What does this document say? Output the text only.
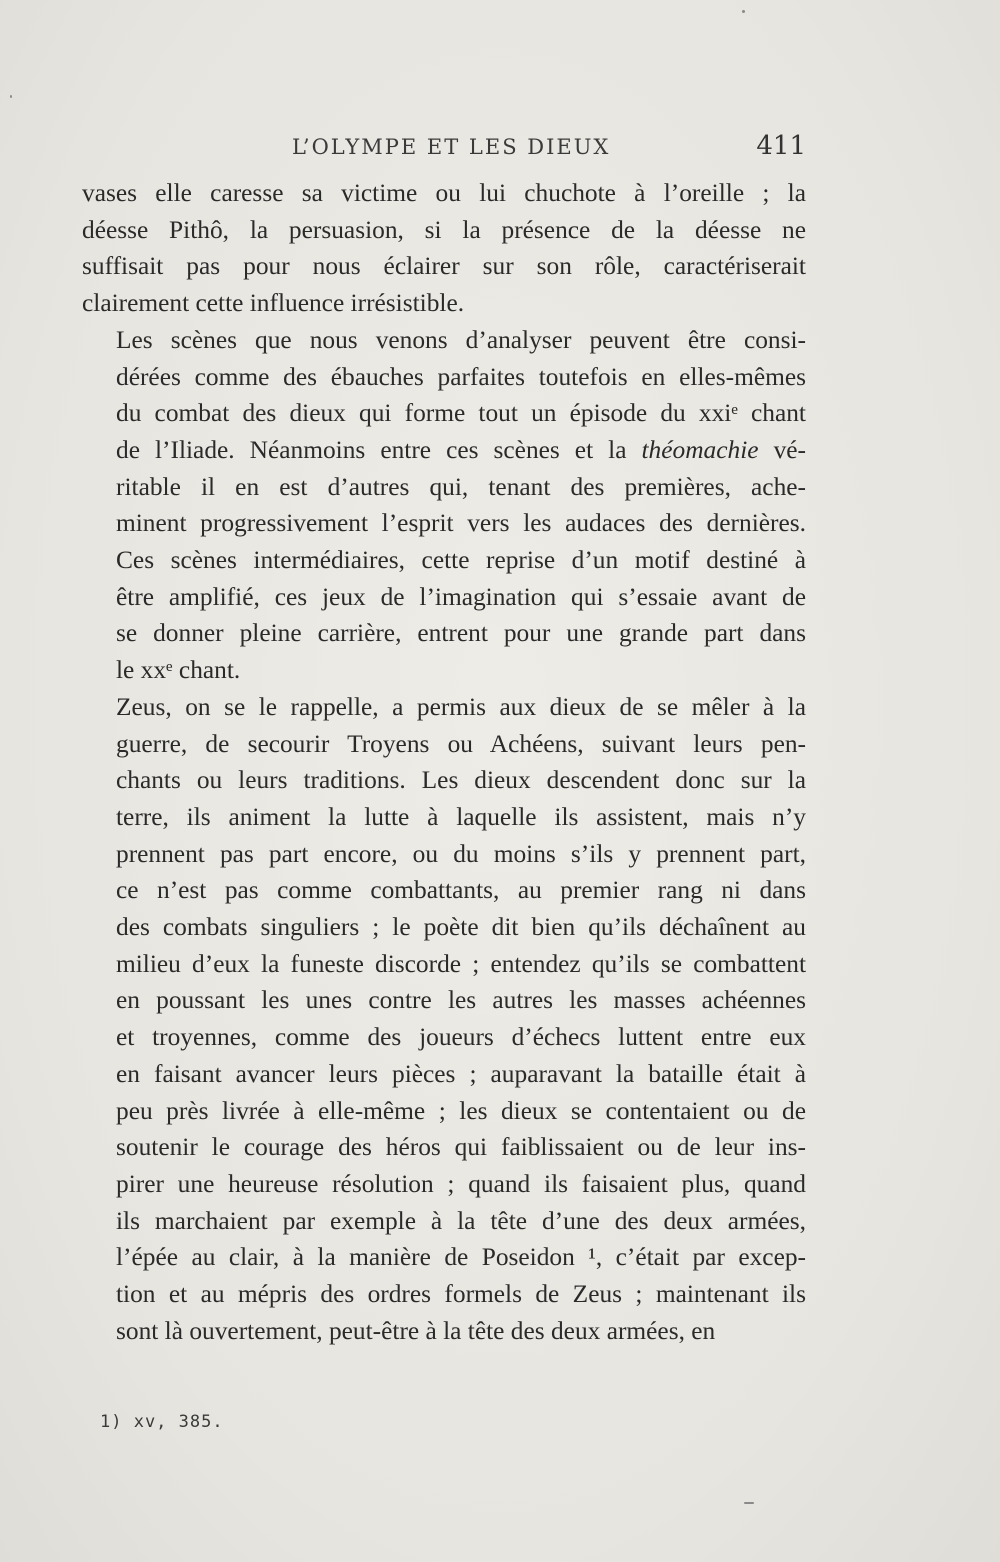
L’OLYMPE ET LES DIEUX	411
vases elle caresse sa victime ou lui chuchote à l’oreille ; la
déesse Pithô, la persuasion, si la présence de la déesse ne
suffisait pas pour nous éclairer sur son rôle, caractériserait
clairement cette influence irrésistible.
Les scènes que nous venons d’analyser peuvent être consi-
dérées comme des ébauches parfaites toutefois en elles-mêmes
du combat des dieux qui forme tout un épisode du xxiᵉ chant
de l’Iliade. Néanmoins entre ces scènes et la théomachie vé-
ritable il en est d’autres qui, tenant des premières, ache-
minent progressivement l’esprit vers les audaces des dernières.
Ces scènes intermédiaires, cette reprise d’un motif destiné à
être amplifié, ces jeux de l’imagination qui s’essaie avant de
se donner pleine carrière, entrent pour une grande part dans
le xxᵉ chant.
Zeus, on se le rappelle, a permis aux dieux de se mêler à la
guerre, de secourir Troyens ou Achéens, suivant leurs pen-
chants ou leurs traditions. Les dieux descendent donc sur la
terre, ils animent la lutte à laquelle ils assistent, mais n’y
prennent pas part encore, ou du moins s’ils y prennent part,
ce n’est pas comme combattants, au premier rang ni dans
des combats singuliers ; le poète dit bien qu’ils déchaînent au
milieu d’eux la funeste discorde ; entendez qu’ils se combattent
en poussant les unes contre les autres les masses achéennes
et troyennes, comme des joueurs d’échecs luttent entre eux
en faisant avancer leurs pièces ; auparavant la bataille était à
peu près livrée à elle-même ; les dieux se contentaient ou de
soutenir le courage des héros qui faiblissaient ou de leur ins-
pirer une heureuse résolution ; quand ils faisaient plus, quand
ils marchaient par exemple à la tête d’une des deux armées,
l’épée au clair, à la manière de Poseidon ¹, c’était par excep-
tion et au mépris des ordres formels de Zeus ; maintenant ils
sont là ouvertement, peut-être à la tête des deux armées, en
1) xv, 385.
